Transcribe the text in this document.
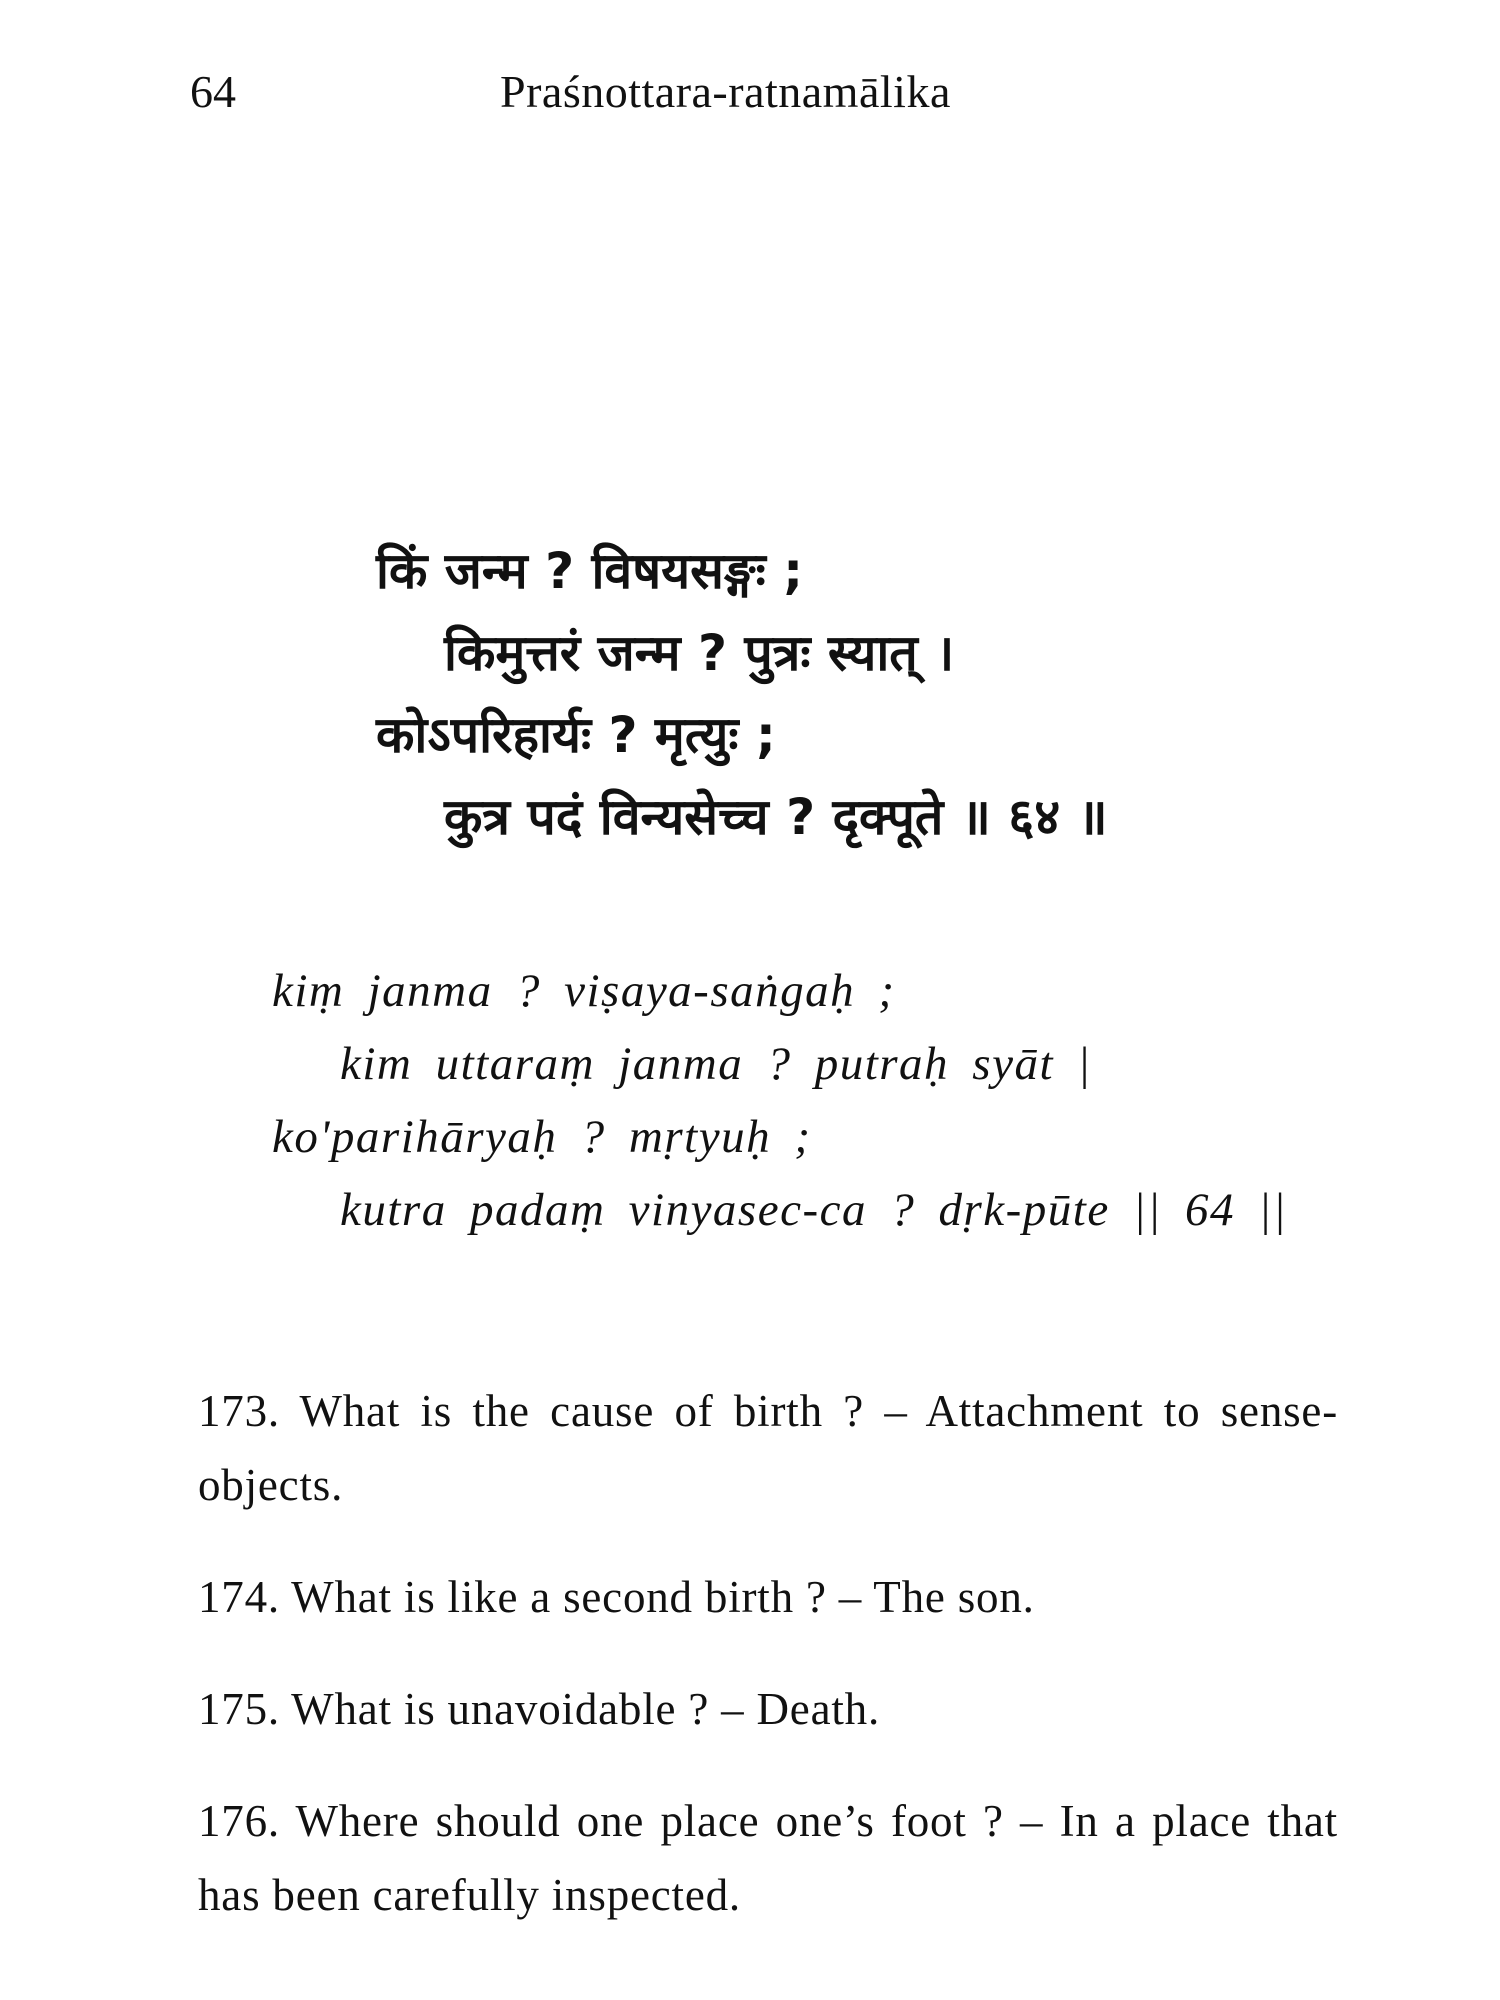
64	Praśnottara-ratnamālika
किं जन्म ? विषयसङ्गः ;
किमुत्तरं जन्म ? पुत्रः स्यात् ।
कोऽपरिहार्यः ? मृत्युः ;
कुत्र पदं विन्यसेच्च ? दृक्पूते ॥ ६४ ॥
kiṃ janma ? viṣaya-saṅgaḥ ;
kim uttaraṃ janma ? putraḥ syāt |
ko'parihāryaḥ ? mṛtyuḥ ;
kutra padaṃ vinyasec-ca ? dṛk-pūte || 64 ||

173. What is the cause of birth ? – Attachment to sense-objects.

174. What is like a second birth ? – The son.

175. What is unavoidable ? – Death.

176. Where should one place one’s foot ? – In a place that has been carefully inspected.
